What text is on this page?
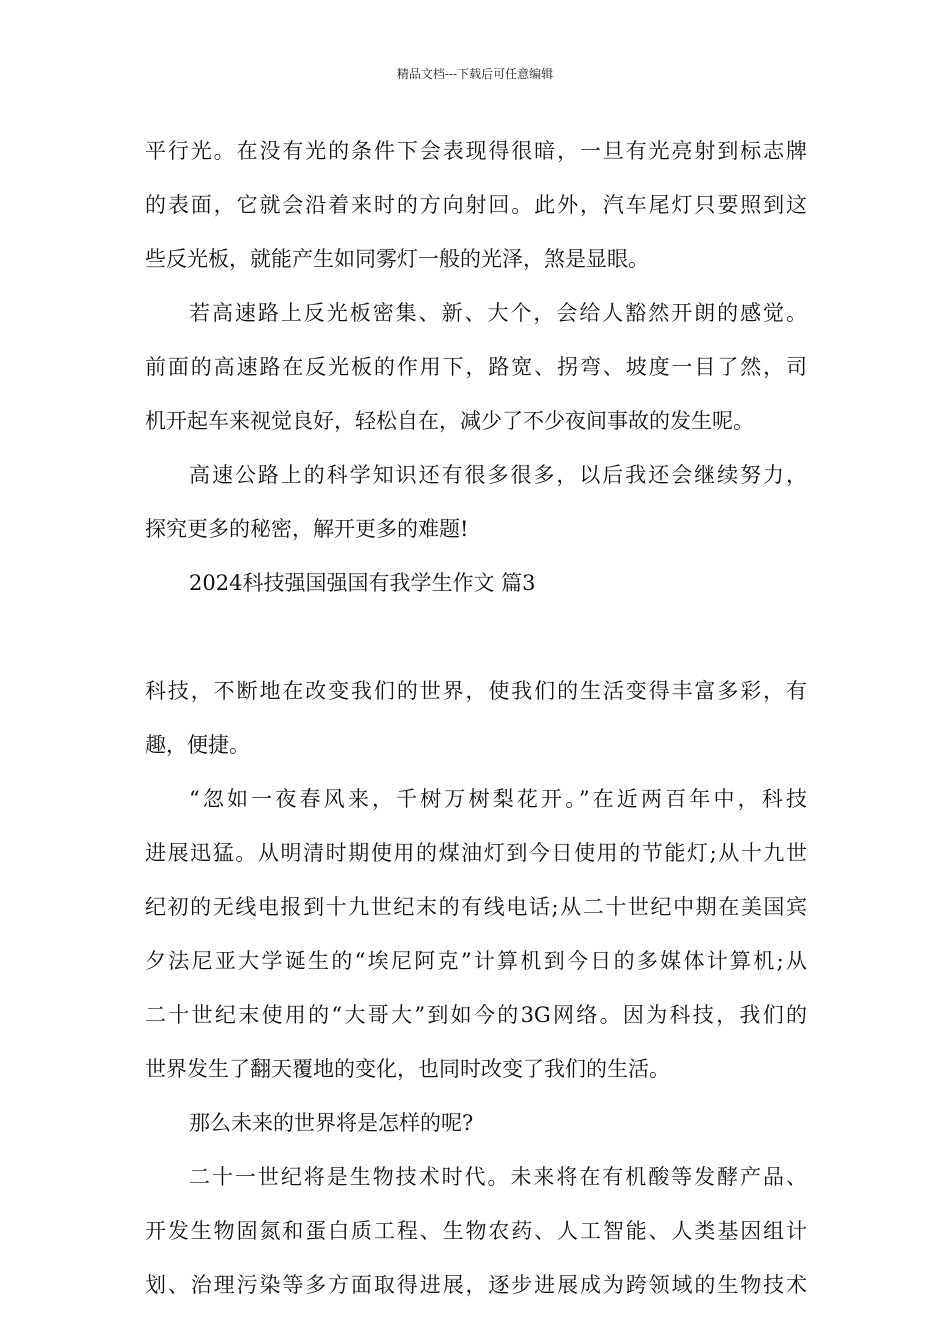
精品文档---下载后可任意编辑
平行光。在没有光的条件下会表现得很暗，一旦有光亮射到标志牌
的表面，它就会沿着来时的方向射回。此外，汽车尾灯只要照到这
些反光板，就能产生如同雾灯一般的光泽，煞是显眼。
若高速路上反光板密集、新、大个，会给人豁然开朗的感觉。
前面的高速路在反光板的作用下，路宽、拐弯、坡度一目了然，司
机开起车来视觉良好，轻松自在，减少了不少夜间事故的发生呢。
高速公路上的科学知识还有很多很多，以后我还会继续努力，
探究更多的秘密，解开更多的难题!
2024科技强国强国有我学生作文 篇3
科技，不断地在改变我们的世界，使我们的生活变得丰富多彩，有
趣，便捷。
“忽如一夜春风来，千树万树梨花开。”在近两百年中，科技
进展迅猛。从明清时期使用的煤油灯到今日使用的节能灯;从十九世
纪初的无线电报到十九世纪末的有线电话;从二十世纪中期在美国宾
夕法尼亚大学诞生的“埃尼阿克”计算机到今日的多媒体计算机;从
二十世纪末使用的“大哥大”到如今的3G网络。因为科技，我们的
世界发生了翻天覆地的变化，也同时改变了我们的生活。
那么未来的世界将是怎样的呢?
二十一世纪将是生物技术时代。未来将在有机酸等发酵产品、
开发生物固氮和蛋白质工程、生物农药、人工智能、人类基因组计
划、治理污染等多方面取得进展，逐步进展成为跨领域的生物技术
